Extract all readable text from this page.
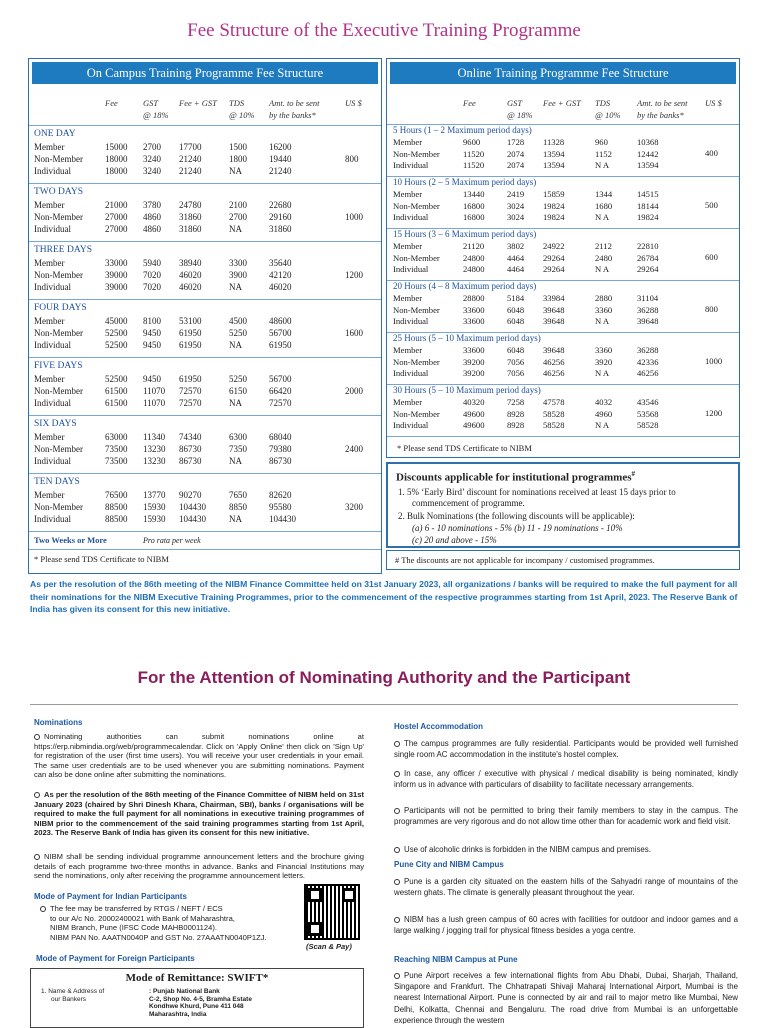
Fee Structure of the Executive Training Programme
On Campus Training Programme Fee Structure
Fee	GST
@ 18%
Fee + GST TDS
@ 10%
Amt. to be sent
by the banks*
US $
ONE DAY
Member	15000 2700 17700	1500 16200
Non-Member 18000 3240 21240	1800 19440
Individual	18000 3240 21240	NA	21240
800
TWO DAYS
Member	21000 3780 24780	2100 22680
Non-Member 27000 4860 31860	2700 29160
Individual	27000 4860 31860	NA	31860
1000
THREE DAYS
Member	33000 5940 38940	3300 35640
Non-Member 39000 7020 46020	3900 42120
Individual	39000 7020 46020	NA	46020
1200
FOUR DAYS
Member	45000 8100 53100	4500 48600
Non-Member 52500 9450 61950	5250 56700
Individual	52500 9450 61950	NA	61950
1600
FIVE DAYS
Member	52500 9450 61950	5250 56700
Non-Member 61500 11070 72570	6150 66420
Individual	61500 11070 72570	NA	72570
2000
SIX DAYS
Member	63000 11340 74340	6300 68040
Non-Member 73500 13230 86730	7350 79380
Individual	73500 13230 86730	NA	86730
2400
TEN DAYS
Member	76500 13770 90270	7650 82620
Non-Member 88500 15930 104430	8850 95580
Individual	88500 15930 104430	NA	104430
3200
Two Weeks or More	Pro rata per week
* Please send TDS Certificate to NIBM
Online Training Programme Fee Structure
Fee	GST
@ 18%
Fee + GST TDS
@ 10%
Amt. to be sent
by the banks*
US $
5 Hours (1 – 2 Maximum period days)
Member	9600	1728 11328	960	10368
Non-Member	11520	2074 13594	1152	12442
Individual	11520	2074 13594	N A	13594
400
10 Hours (2 – 5 Maximum period days)
Member	13440	2419 15859	1344	14515
Non-Member	16800	3024 19824	1680	18144
Individual	16800	3024 19824	N A	19824
500
15 Hours (3 – 6 Maximum period days)
Member	21120	3802 24922	2112	22810
Non-Member	24800	4464 29264	2480	26784
Individual	24800	4464 29264	N A	29264
600
20 Hours (4 – 8 Maximum period days)
Member	28800	5184 33984	2880	31104
Non-Member	33600	6048 39648	3360	36288
Individual	33600	6048 39648	N A	39648
800
25 Hours (5 – 10 Maximum period days)
Member	33600	6048 39648	3360	36288
Non-Member	39200	7056 46256	3920	42336
Individual	39200	7056 46256	N A	46256
1000
30 Hours (5 – 10 Maximum period days)
Member	40320	7258 47578	4032	43546
Non-Member	49600	8928 58528	4960	53568
Individual	49600	8928 58528	N A	58528
1200
* Please send TDS Certificate to NIBM
Discounts applicable for institutional programmes#
1. 5% ‘Early Bird’ discount for nominations received at least 15 days prior to
commencement of programme.
2. Bulk Nominations (the following discounts will be applicable):
(a) 6 - 10 nominations - 5% (b) 11 - 19 nominations - 10%
(c) 20 and above - 15%
# The discounts are not applicable for incompany / customised programmes.
As per the resolution of the 86th meeting of the NIBM Finance Committee held on 31st January 2023, all organizations / banks will be required to make the full payment for all their nominations for the NIBM Executive Training Programmes, prior to the commencement of the respective programmes starting from 1st April, 2023. The Reserve Bank of India has given its consent for this new initiative.
For the Attention of Nominating Authority and the Participant
Nominations
Nominating authorities can submit nominations online at https://erp.nibmindia.org/web/programmecalendar. Click on 'Apply Online' then click on 'Sign Up' for registration of the user (first time users). You will receive your user credentials in your email. The same user credentials are to be used whenever you are submitting nominations. Payment can also be done online after submitting the nominations.
As per the resolution of the 86th meeting of the Finance Committee of NIBM held on 31st January 2023 (chaired by Shri Dinesh Khara, Chairman, SBI), banks / organisations will be required to make the full payment for all nominations in executive training programmes of NIBM prior to the commencement of the said training programmes starting from 1st April, 2023. The Reserve Bank of India has given its consent for this new initiative.
NIBM shall be sending individual programme announcement letters and the brochure giving details of each programme two-three months in advance. Banks and Financial Institutions may send the nominations, only after receiving the programme announcement letters.
Mode of Payment for Indian Participants
The fee may be transferred by RTGS / NEFT / ECS
to our A/c No. 20002400021 with Bank of Maharashtra,
NIBM Branch, Pune (IFSC Code MAHB0001124).
NIBM PAN No. AAATN0040P and GST No. 27AAATN0040P1ZJ.
(Scan & Pay)
Mode of Payment for Foreign Participants
Mode of Remittance: SWIFT*
1. Name & Address of
our Bankers
: Punjab National Bank
C-2, Shop No. 4-5, Bramha Estate
Kondhwe Khurd, Pune 411 048
Maharashtra, India
Hostel Accommodation
The campus programmes are fully residential. Participants would be provided well furnished single room AC accommodation in the institute's hostel complex.
In case, any officer / executive with physical / medical disability is being nominated, kindly inform us in advance with particulars of disability to facilitate necessary arrangements.
Participants will not be permitted to bring their family members to stay in the campus. The programmes are very rigorous and do not allow time other than for academic work and field visit.
Use of alcoholic drinks is forbidden in the NIBM campus and premises.
Pune City and NIBM Campus
Pune is a garden city situated on the eastern hills of the Sahyadri range of mountains of the western ghats. The climate is generally pleasant throughout the year.
NIBM has a lush green campus of 60 acres with facilities for outdoor and indoor games and a large walking / jogging trail for physical fitness besides a yoga centre.
Reaching NIBM Campus at Pune
Pune Airport receives a few international flights from Abu Dhabi, Dubai, Sharjah, Thailand, Singapore and Frankfurt. The Chhatrapati Shivaji Maharaj International Airport, Mumbai is the nearest International Airport. Pune is connected by air and rail to major metro like Mumbai, New Delhi, Kolkatta, Chennai and Bengaluru. The road drive from Mumbai is an unforgettable experience through the western
